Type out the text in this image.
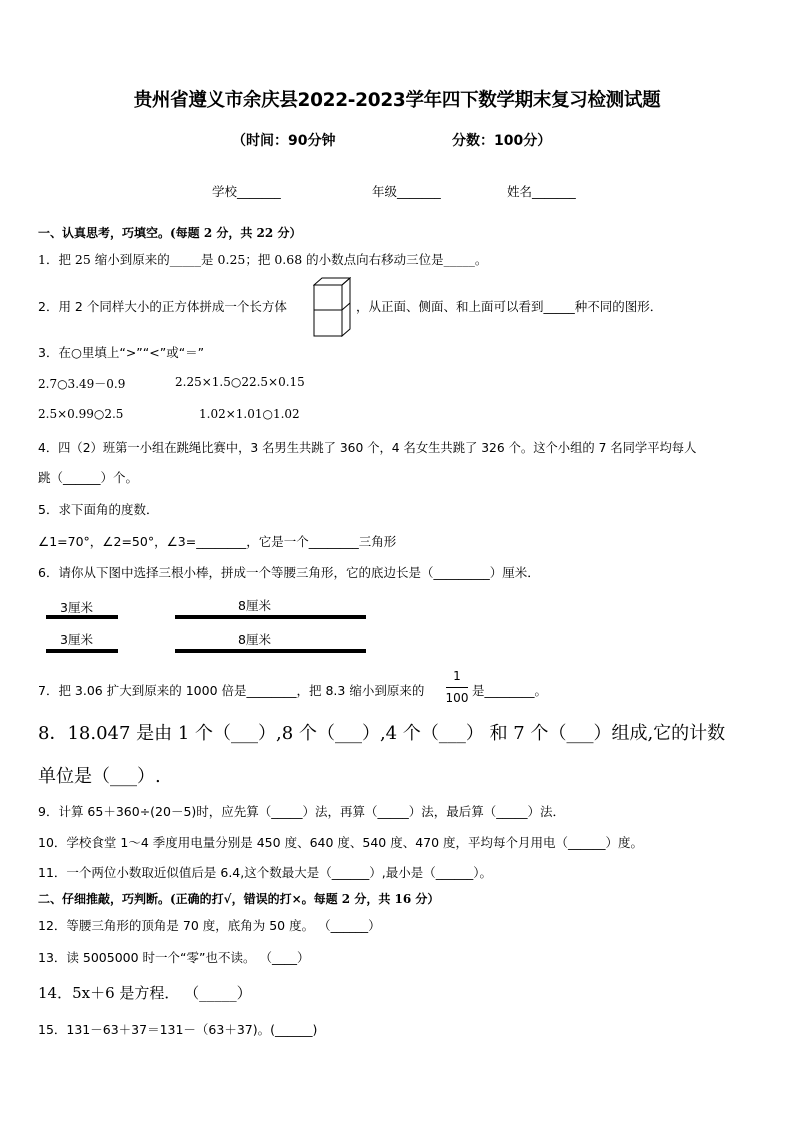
贵州省遵义市余庆县2022-2023学年四下数学期末复习检测试题
（时间：90分钟	分数：100分）
学校_______	年级_______	姓名_______
一、认真思考，巧填空。(每题 2 分，共 22 分）
1．把 25 缩小到原来的_____是 0.25；把 0.68 的小数点向右移动三位是_____。
2．用 2 个同样大小的正方体拼成一个长方体	，从正面、侧面、和上面可以看到_____种不同的图形．
3．在○里填上“>”“<”或“＝”
2.7○3.49－0.9	2.25×1.5○22.5×0.15
2.5×0.99○2.5	1.02×1.01○1.02
4．四（2）班第一小组在跳绳比赛中，3 名男生共跳了 360 个，4 名女生共跳了 326 个。这个小组的 7 名同学平均每人
跳（______）个。
5．求下面角的度数．
∠1=70°，∠2=50°，∠3=________，它是一个________三角形
6．请你从下图中选择三根小棒，拼成一个等腰三角形，它的底边长是（_________）厘米．
3厘米	8厘米
3厘米	8厘米
7．把 3.06 扩大到原来的 1000 倍是________，把 8.3 缩小到原来的
1
100 是________。
8．18.047 是由 1 个（___）,8 个（___）,4 个（___） 和 7 个（___）组成,它的计数
单位是（___）.
9．计算 65＋360÷(20－5)时，应先算（_____）法，再算（_____）法，最后算（_____）法．
10．学校食堂 1～4 季度用电量分别是 450 度、640 度、540 度、470 度，平均每个月用电（______）度。
11．一个两位小数取近似值后是 6.4,这个数最大是（______）,最小是（______）。
二、仔细推敲，巧判断。(正确的打√，错误的打×。每题 2 分，共 16 分）
12．等腰三角形的顶角是 70 度，底角为 50 度。 （______）
13．读 5005000 时一个“零”也不读。 （____）
14．5x＋6 是方程． （_____）
15．131－63＋37＝131－（63＋37)。(______)
